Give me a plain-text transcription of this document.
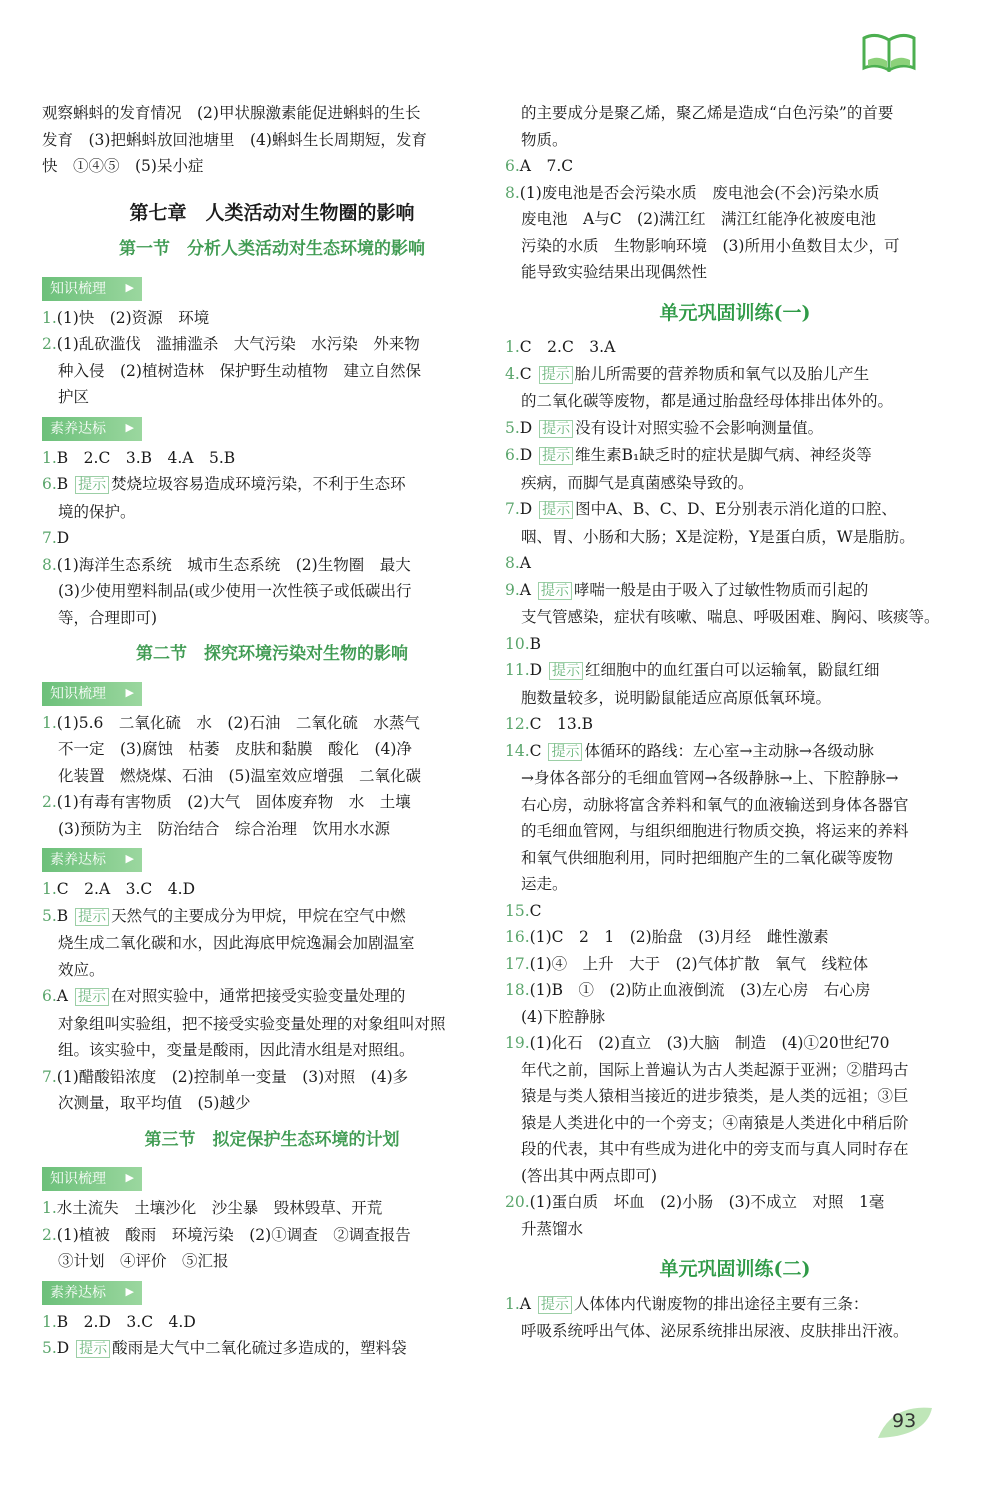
观察蝌蚪的发育情况　(2)甲状腺激素能促进蝌蚪的生长
发育　(3)把蝌蚪放回池塘里　(4)蝌蚪生长周期短，发育
快　①④⑤　(5)呆小症
第七章　人类活动对生物圈的影响
第一节　分析人类活动对生态环境的影响
知识梳理 ▶
1.(1)快　(2)资源　环境
2.(1)乱砍滥伐　滥捕滥杀　大气污染　水污染　外来物
种入侵　(2)植树造林　保护野生动植物　建立自然保
护区
素养达标 ▶
1.B　2.C　3.B　4.A　5.B
6.B 提示 焚烧垃圾容易造成环境污染，不利于生态环
境的保护。
7.D
8.(1)海洋生态系统　城市生态系统　(2)生物圈　最大
(3)少使用塑料制品(或少使用一次性筷子或低碳出行
等，合理即可)
第二节　探究环境污染对生物的影响
知识梳理 ▶
1.(1)5.6　二氧化硫　水　(2)石油　二氧化硫　水蒸气
不一定　(3)腐蚀　枯萎　皮肤和黏膜　酸化　(4)净
化装置　燃烧煤、石油　(5)温室效应增强　二氧化碳
2.(1)有毒有害物质　(2)大气　固体废弃物　水　土壤
(3)预防为主　防治结合　综合治理　饮用水水源
素养达标 ▶
1.C　2.A　3.C　4.D
5.B 提示 天然气的主要成分为甲烷，甲烷在空气中燃
烧生成二氧化碳和水，因此海底甲烷逸漏会加剧温室
效应。
6.A 提示 在对照实验中，通常把接受实验变量处理的
对象组叫实验组，把不接受实验变量处理的对象组叫对照
组。该实验中，变量是酸雨，因此清水组是对照组。
7.(1)醋酸铅浓度　(2)控制单一变量　(3)对照　(4)多
次测量，取平均值　(5)越少
第三节　拟定保护生态环境的计划
知识梳理 ▶
1.水土流失　土壤沙化　沙尘暴　毁林毁草、开荒
2.(1)植被　酸雨　环境污染　(2)①调查　②调查报告
③计划　④评价　⑤汇报
素养达标 ▶
1.B　2.D　3.C　4.D
5.D 提示 酸雨是大气中二氧化硫过多造成的，塑料袋
的主要成分是聚乙烯，聚乙烯是造成“白色污染”的首要
物质。
6.A　7.C
8.(1)废电池是否会污染水质　废电池会(不会)污染水质
废电池　A与C　(2)满江红　满江红能净化被废电池
污染的水质　生物影响环境　(3)所用小鱼数目太少，可
能导致实验结果出现偶然性
单元巩固训练(一)
1.C　2.C　3.A
4.C 提示 胎儿所需要的营养物质和氧气以及胎儿产生
的二氧化碳等废物，都是通过胎盘经母体排出体外的。
5.D 提示 没有设计对照实验不会影响测量值。
6.D 提示 维生素B₁缺乏时的症状是脚气病、神经炎等
疾病，而脚气是真菌感染导致的。
7.D 提示 图中A、B、C、D、E分别表示消化道的口腔、
咽、胃、小肠和大肠；X是淀粉，Y是蛋白质，W是脂肪。
8.A
9.A 提示 哮喘一般是由于吸入了过敏性物质而引起的
支气管感染，症状有咳嗽、喘息、呼吸困难、胸闷、咳痰等。
10.B
11.D 提示 红细胞中的血红蛋白可以运输氧，鼢鼠红细
胞数量较多，说明鼢鼠能适应高原低氧环境。
12.C　13.B
14.C 提示 体循环的路线：左心室→主动脉→各级动脉
→身体各部分的毛细血管网→各级静脉→上、下腔静脉→
右心房，动脉将富含养料和氧气的血液输送到身体各器官
的毛细血管网，与组织细胞进行物质交换，将运来的养料
和氧气供细胞利用，同时把细胞产生的二氧化碳等废物
运走。
15.C
16.(1)C　2　1　(2)胎盘　(3)月经　雌性激素
17.(1)④　上升　大于　(2)气体扩散　氧气　线粒体
18.(1)B　①　(2)防止血液倒流　(3)左心房　右心房
(4)下腔静脉
19.(1)化石　(2)直立　(3)大脑　制造　(4)①20世纪70
年代之前，国际上普遍认为古人类起源于亚洲；②腊玛古
猿是与类人猿相当接近的进步猿类，是人类的远祖；③巨
猿是人类进化中的一个旁支；④南猿是人类进化中稍后阶
段的代表，其中有些成为进化中的旁支而与真人同时存在
(答出其中两点即可)
20.(1)蛋白质　坏血　(2)小肠　(3)不成立　对照　1毫
升蒸馏水
单元巩固训练(二)
1.A 提示 人体体内代谢废物的排出途径主要有三条：
呼吸系统呼出气体、泌尿系统排出尿液、皮肤排出汗液。
93
